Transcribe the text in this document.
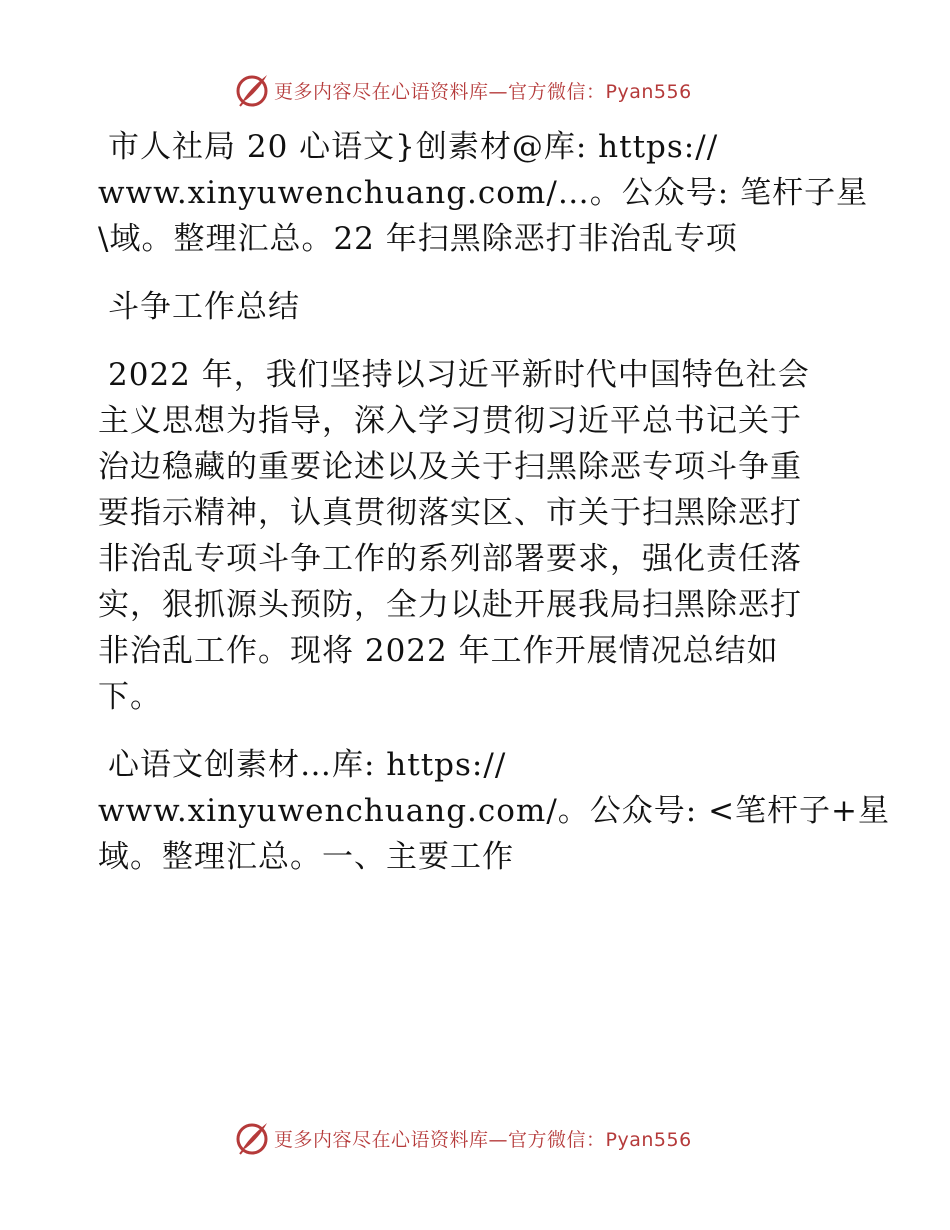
更多内容尽在心语资料库—官方微信：Pyan556
市人社局 20 心语文}创素材@库: https://
www.xinyuwenchuang.com/…。公众号: 笔杆子星
\域。整理汇总。22 年扫黑除恶打非治乱专项
斗争工作总结
2022 年，我们坚持以习近平新时代中国特色社会
主义思想为指导，深入学习贯彻习近平总书记关于
治边稳藏的重要论述以及关于扫黑除恶专项斗争重
要指示精神，认真贯彻落实区、市关于扫黑除恶打
非治乱专项斗争工作的系列部署要求，强化责任落
实，狠抓源头预防，全力以赴开展我局扫黑除恶打
非治乱工作。现将 2022 年工作开展情况总结如
下。
心语文创素材…库: https://
www.xinyuwenchuang.com/。公众号: <笔杆子+星
域。整理汇总。一、主要工作
更多内容尽在心语资料库—官方微信：Pyan556
